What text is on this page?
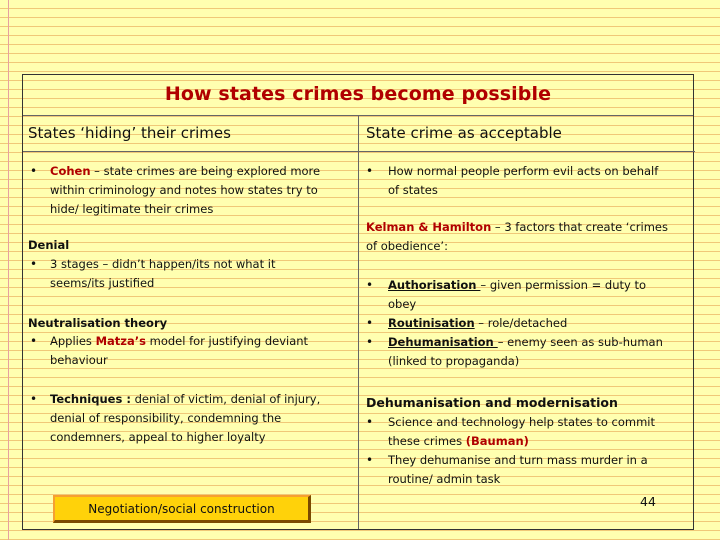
How states crimes become possible
States ‘hiding’ their crimes
• Cohen – state crimes are being explored more
within criminology and notes how states try to
hide/ legitimate their crimes
Denial
• 3 stages – didn’t happen/its not what it
seems/its justified
Neutralisation theory
• Applies Matza’s model for justifying deviant
behaviour
• Techniques : denial of victim, denial of injury,
denial of responsibility, condemning the
condemners, appeal to higher loyalty
State crime as acceptable
• How normal people perform evil acts on behalf
of states
Kelman & Hamilton – 3 factors that create ‘crimes
of obedience’:
• Authorisation – given permission = duty to
obey
• Routinisation – role/detached
• Dehumanisation – enemy seen as sub-human
(linked to propaganda)
Dehumanisation and modernisation
• Science and technology help states to commit
these crimes (Bauman)
• They dehumanise and turn mass murder in a
routine/ admin task
Negotiation/social construction	44
